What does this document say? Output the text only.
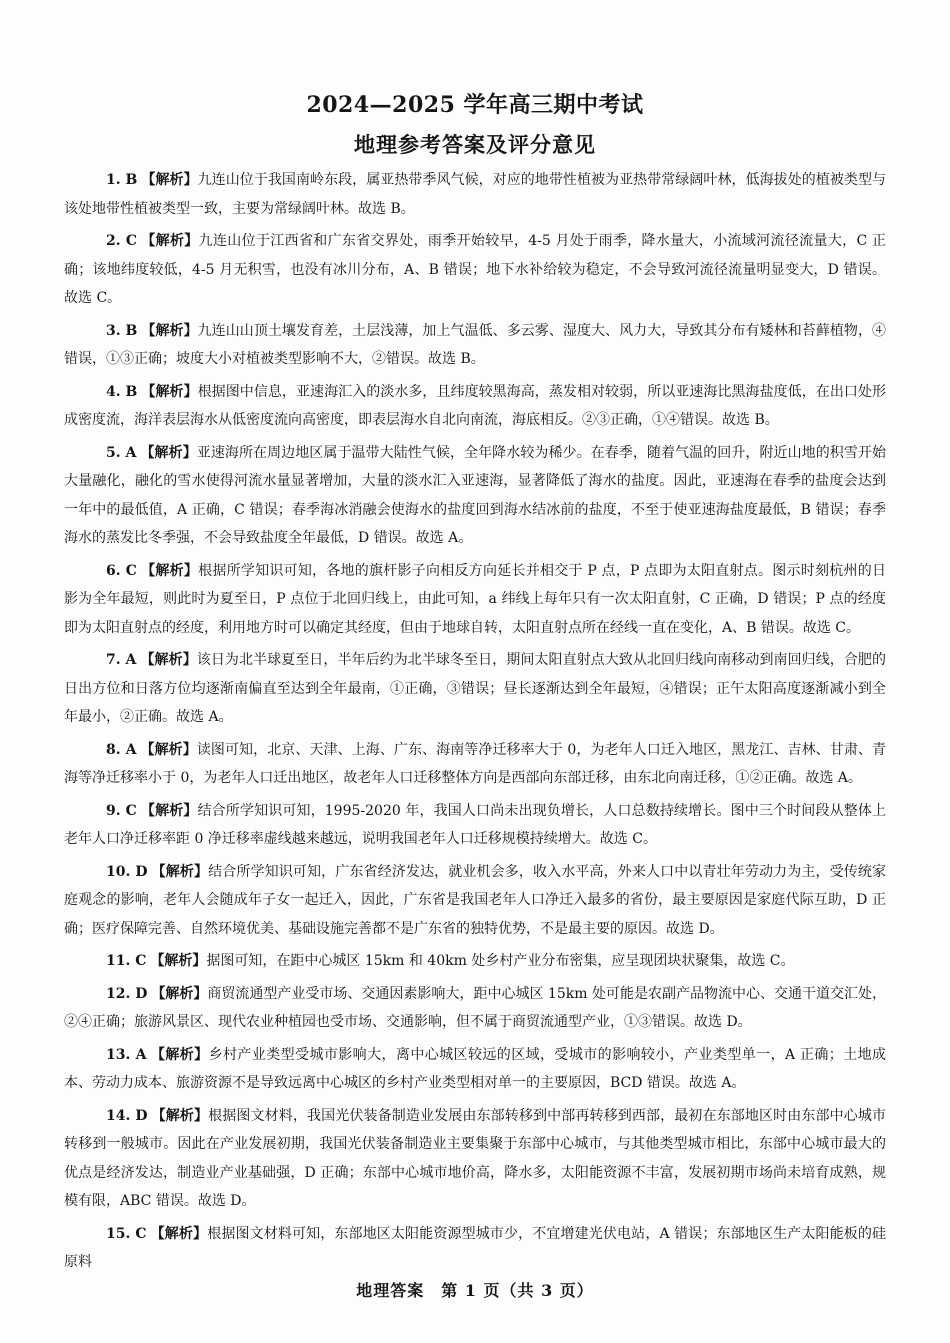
2024—2025 学年高三期中考试
地理参考答案及评分意见

1. B 【解析】九连山位于我国南岭东段，属亚热带季风气候，对应的地带性植被为亚热带常绿阔叶林，低海拔处的植被类型与该处地带性植被类型一致，主要为常绿阔叶林。故选 B。

2. C 【解析】九连山位于江西省和广东省交界处，雨季开始较早，4-5 月处于雨季，降水量大，小流域河流径流量大，C 正确；该地纬度较低，4-5 月无积雪，也没有冰川分布，A、B 错误；地下水补给较为稳定，不会导致河流径流量明显变大，D 错误。故选 C。

3. B 【解析】九连山山顶土壤发育差，土层浅薄，加上气温低、多云雾、湿度大、风力大，导致其分布有矮林和苔藓植物，④错误，①③正确；坡度大小对植被类型影响不大，②错误。故选 B。

4. B 【解析】根据图中信息，亚速海汇入的淡水多，且纬度较黑海高，蒸发相对较弱，所以亚速海比黑海盐度低，在出口处形成密度流，海洋表层海水从低密度流向高密度，即表层海水自北向南流，海底相反。②③正确，①④错误。故选 B。

5. A 【解析】亚速海所在周边地区属于温带大陆性气候，全年降水较为稀少。在春季，随着气温的回升，附近山地的积雪开始大量融化，融化的雪水使得河流水量显著增加，大量的淡水汇入亚速海，显著降低了海水的盐度。因此，亚速海在春季的盐度会达到一年中的最低值，A 正确，C 错误；春季海冰消融会使海水的盐度回到海水结冰前的盐度，不至于使亚速海盐度最低，B 错误；春季海水的蒸发比冬季强，不会导致盐度全年最低，D 错误。故选 A。

6. C 【解析】根据所学知识可知，各地的旗杆影子向相反方向延长并相交于 P 点，P 点即为太阳直射点。图示时刻杭州的日影为全年最短，则此时为夏至日，P 点位于北回归线上，由此可知，a 纬线上每年只有一次太阳直射，C 正确，D 错误；P 点的经度即为太阳直射点的经度，利用地方时可以确定其经度，但由于地球自转，太阳直射点所在经线一直在变化，A、B 错误。故选 C。

7. A 【解析】该日为北半球夏至日，半年后约为北半球冬至日，期间太阳直射点大致从北回归线向南移动到南回归线，合肥的日出方位和日落方位均逐渐南偏直至达到全年最南，①正确，③错误；昼长逐渐达到全年最短，④错误；正午太阳高度逐渐减小到全年最小，②正确。故选 A。

8. A 【解析】读图可知，北京、天津、上海、广东、海南等净迁移率大于 0，为老年人口迁入地区，黑龙江、吉林、甘肃、青海等净迁移率小于 0，为老年人口迁出地区，故老年人口迁移整体方向是西部向东部迁移，由东北向南迁移，①②正确。故选 A。

9. C 【解析】结合所学知识可知，1995-2020 年，我国人口尚未出现负增长，人口总数持续增长。图中三个时间段从整体上老年人口净迁移率距 0 净迁移率虚线越来越远，说明我国老年人口迁移规模持续增大。故选 C。

10. D 【解析】结合所学知识可知，广东省经济发达，就业机会多，收入水平高，外来人口中以青壮年劳动力为主，受传统家庭观念的影响，老年人会随成年子女一起迁入，因此，广东省是我国老年人口净迁入最多的省份，最主要原因是家庭代际互助，D 正确；医疗保障完善、自然环境优美、基础设施完善都不是广东省的独特优势，不是最主要的原因。故选 D。

11. C 【解析】据图可知，在距中心城区 15km 和 40km 处乡村产业分布密集，应呈现团块状聚集，故选 C。

12. D 【解析】商贸流通型产业受市场、交通因素影响大，距中心城区 15km 处可能是农副产品物流中心、交通干道交汇处，②④正确；旅游风景区、现代农业种植园也受市场、交通影响，但不属于商贸流通型产业，①③错误。故选 D。

13. A 【解析】乡村产业类型受城市影响大，离中心城区较远的区域，受城市的影响较小，产业类型单一，A 正确；土地成本、劳动力成本、旅游资源不是导致远离中心城区的乡村产业类型相对单一的主要原因，BCD 错误。故选 A。

14. D 【解析】根据图文材料，我国光伏装备制造业发展由东部转移到中部再转移到西部，最初在东部地区时由东部中心城市转移到一般城市。因此在产业发展初期，我国光伏装备制造业主要集聚于东部中心城市，与其他类型城市相比，东部中心城市最大的优点是经济发达，制造业产业基础强，D 正确；东部中心城市地价高，降水多，太阳能资源不丰富，发展初期市场尚未培育成熟，规模有限，ABC 错误。故选 D。

15. C 【解析】根据图文材料可知，东部地区太阳能资源型城市少，不宜增建光伏电站，A 错误；东部地区生产太阳能板的硅原料

地理答案　第 1 页（共 3 页）
